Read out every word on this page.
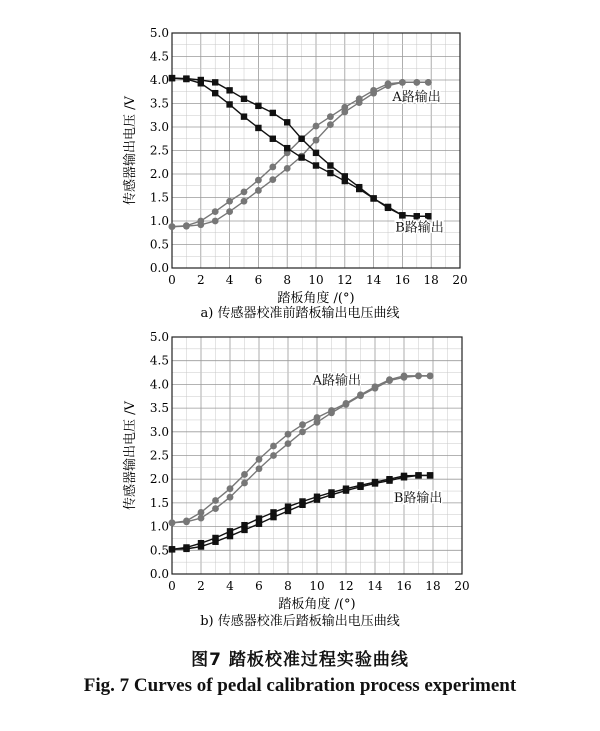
0 2 4 6 8 10 12 14 16 18 20
0.0
0.5
1.0
1.5
2.0
2.5
3.0
3.5
4.0
4.5
5.0
踏板角度 /(°)
传感器输出电压 /V	A路输出
B路输出
a) 传感器校准前踏板输出电压曲线
0 2 4 6 8 10 12 14 16 18 20
0.0
0.5
1.0
1.5
2.0
2.5
3.0
3.5
4.0
4.5
5.0
踏板角度 /(°)
传感器输出电压 /V
A路输出
B路输出
b) 传感器校准后踏板输出电压曲线
图7 踏板校准过程实验曲线
Fig. 7 Curves of pedal calibration process experiment
